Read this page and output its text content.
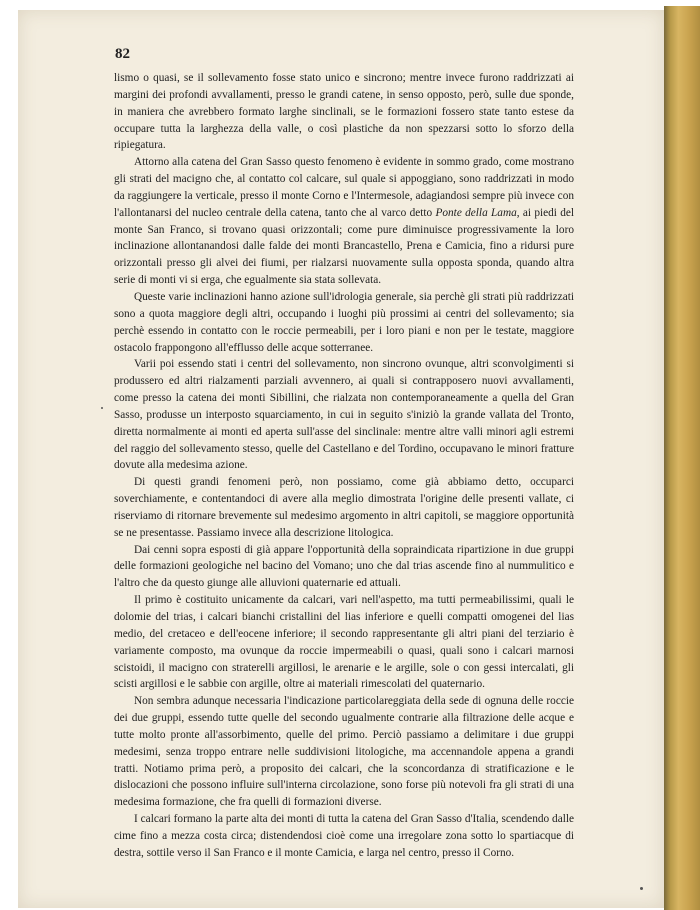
82

lismo o quasi, se il sollevamento fosse stato unico e sincrono; mentre invece furono raddrizzati ai margini dei profondi avvallamenti, presso le grandi catene, in senso opposto, però, sulle due sponde, in maniera che avrebbero formato larghe sinclinali, se le formazioni fossero state tanto estese da occupare tutta la larghezza della valle, o così plastiche da non spezzarsi sotto lo sforzo della ripiegatura.

Attorno alla catena del Gran Sasso questo fenomeno è evidente in sommo grado, come mostrano gli strati del macigno che, al contatto col calcare, sul quale si appoggiano, sono raddrizzati in modo da raggiungere la verticale, presso il monte Corno e l'Intermesole, adagiandosi sempre più invece con l'allontanarsi del nucleo centrale della catena, tanto che al varco detto Ponte della Lama, ai piedi del monte San Franco, si trovano quasi orizzontali; come pure diminuisce progressivamente la loro inclinazione allontanandosi dalle falde dei monti Brancastello, Prena e Camicia, fino a ridursi pure orizzontali presso gli alvei dei fiumi, per rialzarsi nuovamente sulla opposta sponda, quando altra serie di monti vi si erga, che egualmente sia stata sollevata.

Queste varie inclinazioni hanno azione sull'idrologia generale, sia perchè gli strati più raddrizzati sono a quota maggiore degli altri, occupando i luoghi più prossimi ai centri del sollevamento; sia perchè essendo in contatto con le roccie permeabili, per i loro piani e non per le testate, maggiore ostacolo frappongono all'efflusso delle acque sotterranee.

Varii poi essendo stati i centri del sollevamento, non sincrono ovunque, altri sconvolgimenti si produssero ed altri rialzamenti parziali avvennero, ai quali si contrapposero nuovi avvallamenti, come presso la catena dei monti Sibillini, che rialzata non contemporaneamente a quella del Gran Sasso, produsse un interposto squarciamento, in cui in seguito s'iniziò la grande vallata del Tronto, diretta normalmente ai monti ed aperta sull'asse del sinclinale: mentre altre valli minori agli estremi del raggio del sollevamento stesso, quelle del Castellano e del Tordino, occupavano le minori fratture dovute alla medesima azione.

Di questi grandi fenomeni però, non possiamo, come già abbiamo detto, occuparci soverchiamente, e contentandoci di avere alla meglio dimostrata l'origine delle presenti vallate, ci riserviamo di ritornare brevemente sul medesimo argomento in altri capitoli, se maggiore opportunità se ne presentasse. Passiamo invece alla descrizione litologica.

Dai cenni sopra esposti di già appare l'opportunità della sopraindicata ripartizione in due gruppi delle formazioni geologiche nel bacino del Vomano; uno che dal trias ascende fino al nummulitico e l'altro che da questo giunge alle alluvioni quaternarie ed attuali.

Il primo è costituito unicamente da calcari, vari nell'aspetto, ma tutti permeabilissimi, quali le dolomie del trias, i calcari bianchi cristallini del lias inferiore e quelli compatti omogenei del lias medio, del cretaceo e dell'eocene inferiore; il secondo rappresentante gli altri piani del terziario è variamente composto, ma ovunque da roccie impermeabili o quasi, quali sono i calcari marnosi scistoidi, il macigno con straterelli argillosi, le arenarie e le argille, sole o con gessi intercalati, gli scisti argillosi e le sabbie con argille, oltre ai materiali rimescolati del quaternario.

Non sembra adunque necessaria l'indicazione particolareggiata della sede di ognuna delle roccie dei due gruppi, essendo tutte quelle del secondo ugualmente contrarie alla filtrazione delle acque e tutte molto pronte all'assorbimento, quelle del primo. Perciò passiamo a delimitare i due gruppi medesimi, senza troppo entrare nelle suddivisioni litologiche, ma accennandole appena a grandi tratti. Notiamo prima però, a proposito dei calcari, che la sconcordanza di stratificazione e le dislocazioni che possono influire sull'interna circolazione, sono forse più notevoli fra gli strati di una medesima formazione, che fra quelli di formazioni diverse.

I calcari formano la parte alta dei monti di tutta la catena del Gran Sasso d'Italia, scendendo dalle cime fino a mezza costa circa; distendendosi cioè come una irregolare zona sotto lo spartiacque di destra, sottile verso il San Franco e il monte Camicia, e larga nel centro, presso il Corno.
